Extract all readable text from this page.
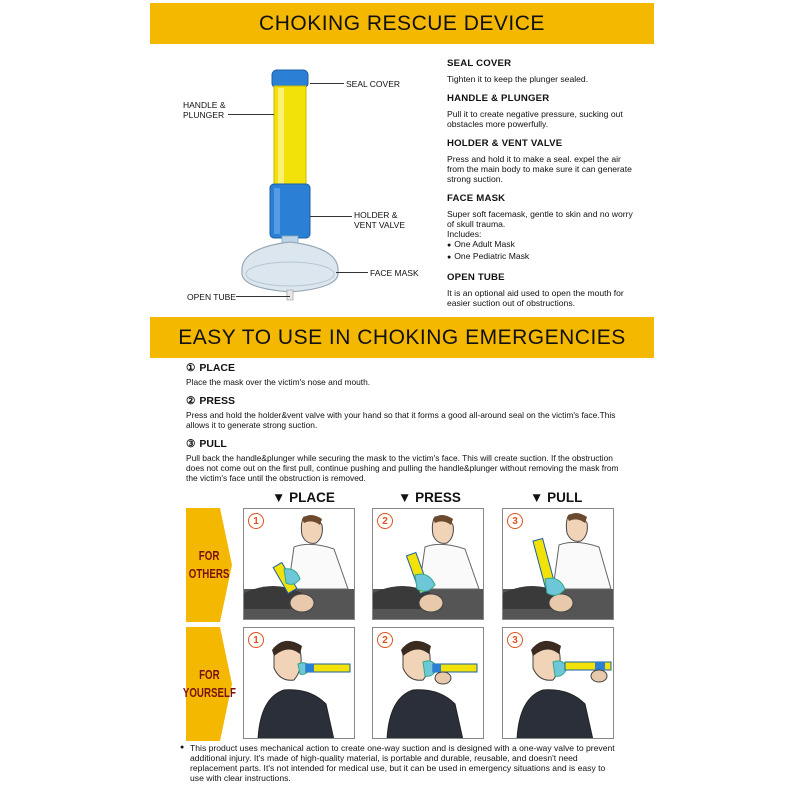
CHOKING RESCUE DEVICE
HANDLE &
PLUNGER
SEAL COVER
HOLDER &
VENT VALVE
FACE MASK
OPEN TUBE
SEAL COVER

Tighten it to keep the plunger sealed.

HANDLE & PLUNGER

Pull it to create negative pressure, sucking out obstacles more powerfully.

HOLDER & VENT VALVE

Press and hold it to make a seal. expel the air from the main body to make sure it can generate strong suction.

FACE MASK

Super soft facemask, gentle to skin and no worry of skull trauma.

Includes:

● One Adult Mask
● One Pediatric Mask
OPEN TUBE

It is an optional aid used to open the mouth for easier suction out of obstructions.

EASY TO USE IN CHOKING EMERGENCIES
① PLACE

Place the mask over the victim's nose and mouth.

② PRESS

Press and hold the holder&vent valve with your hand so that it forms a good all-around seal on the victim's face.This allows it to generate strong suction.

③ PULL

Pull back the handle&plunger while securing the mask to the victim's face. This will create suction. If the obstruction does not come out on the first pull, continue pushing and pulling the handle&plunger without removing the mask from the victim's face until the obstruction is removed.

▼ PLACE	▼ PRESS	▼ PULL
FOR
OTHERS
FOR
YOURSELF
1	2	3
1	2	3

● This product uses mechanical action to create one-way suction and is designed with a one-way valve to prevent additional injury. It's made of high-quality material, is portable and durable, reusable, and doesn't need replacement parts. It's not intended for medical use, but it can be used in emergency situations and is easy to use with clear instructions.
